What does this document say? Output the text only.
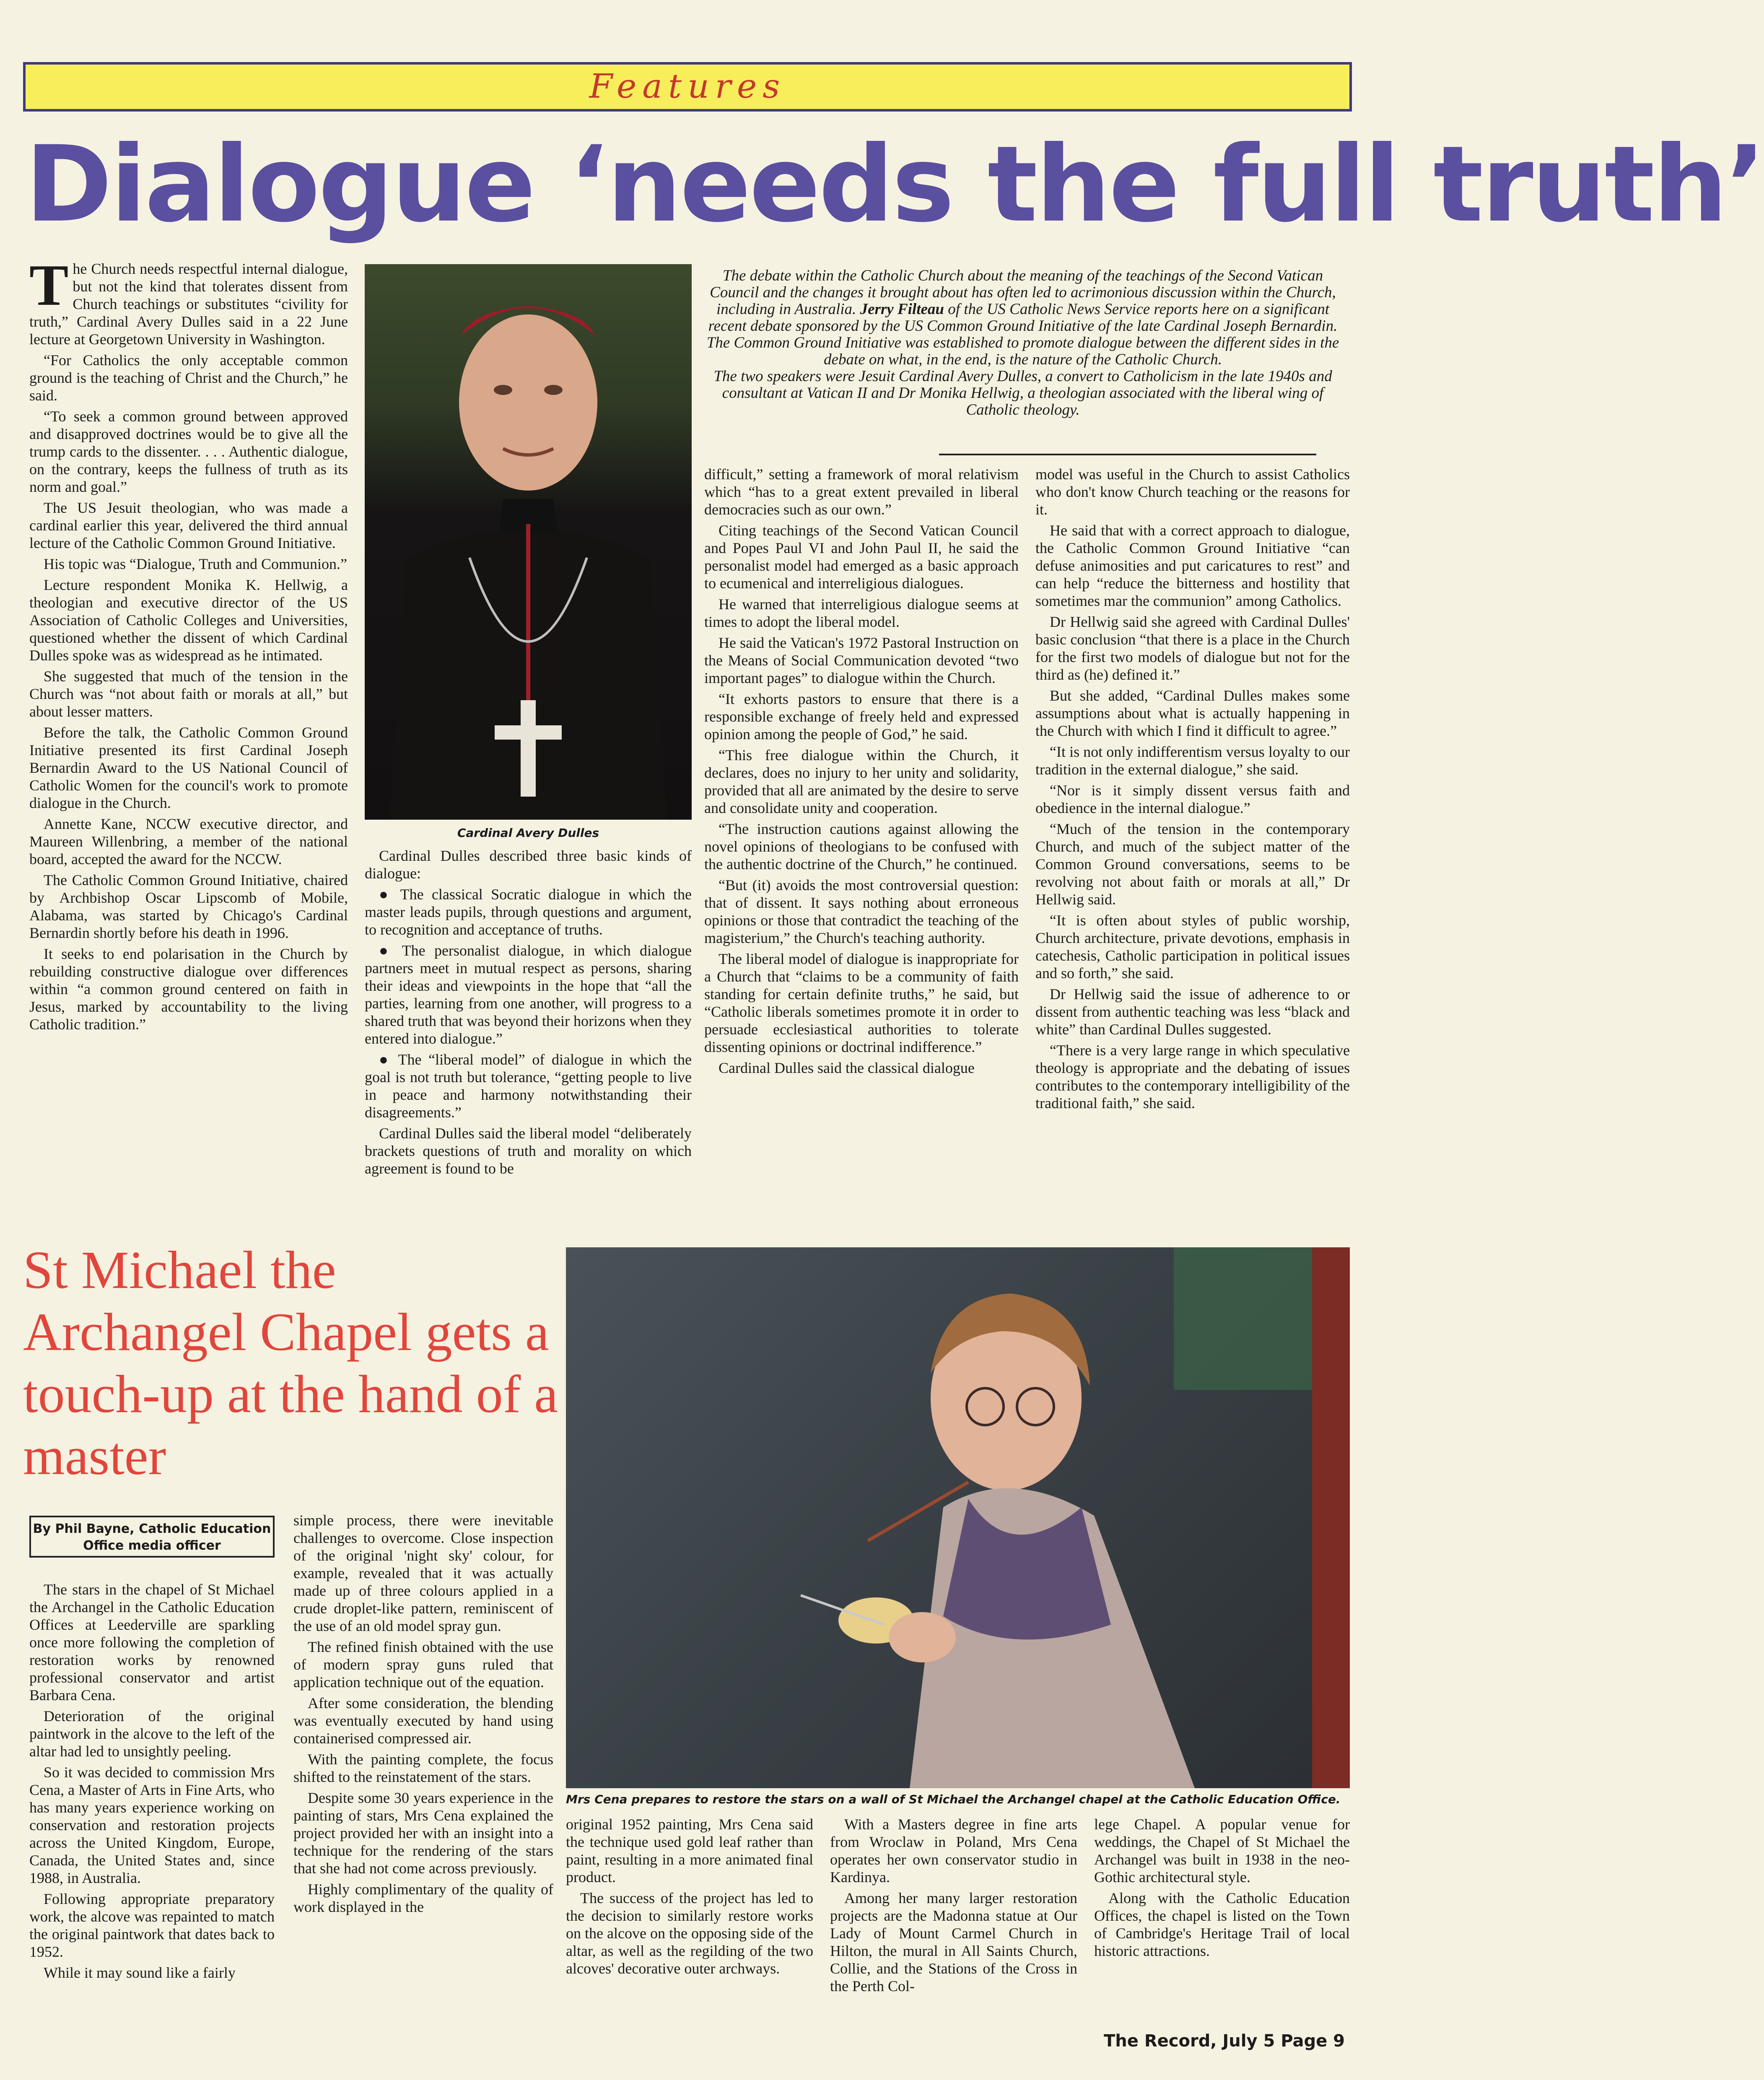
Features
Dialogue ‘needs the full truth’

The Church needs respectful internal dialogue, but not the kind that tolerates dissent from Church teachings or substitutes “civility for truth,” Cardinal Avery Dulles said in a 22 June lecture at Georgetown University in Washington.

“For Catholics the only acceptable common ground is the teaching of Christ and the Church,” he said.

“To seek a common ground between approved and disapproved doctrines would be to give all the trump cards to the dissenter. . . . Authentic dialogue, on the contrary, keeps the fullness of truth as its norm and goal.”

The US Jesuit theologian, who was made a cardinal earlier this year, delivered the third annual lecture of the Catholic Common Ground Initiative.

His topic was “Dialogue, Truth and Communion.”

Lecture respondent Monika K. Hellwig, a theologian and executive director of the US Association of Catholic Colleges and Universities, questioned whether the dissent of which Cardinal Dulles spoke was as widespread as he intimated.

She suggested that much of the tension in the Church was “not about faith or morals at all,” but about lesser matters.

Before the talk, the Catholic Common Ground Initiative presented its first Cardinal Joseph Bernardin Award to the US National Council of Catholic Women for the council's work to promote dialogue in the Church.

Annette Kane, NCCW executive director, and Maureen Willenbring, a member of the national board, accepted the award for the NCCW.

The Catholic Common Ground Initiative, chaired by Archbishop Oscar Lipscomb of Mobile, Alabama, was started by Chicago's Cardinal Bernardin shortly before his death in 1996.

It seeks to end polarisation in the Church by rebuilding constructive dialogue over differences within “a common ground centered on faith in Jesus, marked by accountability to the living Catholic tradition.”

Cardinal Avery Dulles

Cardinal Dulles described three basic kinds of dialogue:

● The classical Socratic dialogue in which the master leads pupils, through questions and argument, to recognition and acceptance of truths.

● The personalist dialogue, in which dialogue partners meet in mutual respect as persons, sharing their ideas and viewpoints in the hope that “all the parties, learning from one another, will progress to a shared truth that was beyond their horizons when they entered into dialogue.”

● The “liberal model” of dialogue in which the goal is not truth but tolerance, “getting people to live in peace and harmony notwithstanding their disagreements.”

Cardinal Dulles said the liberal model “deliberately brackets questions of truth and morality on which agreement is found to be

The debate within the Catholic Church about the meaning of the teachings of the Second Vatican Council and the changes it brought about has often led to acrimonious discussion within the Church, including in Australia. Jerry Filteau of the US Catholic News Service reports here on a significant recent debate sponsored by the US Common Ground Initiative of the late Cardinal Joseph Bernardin. The Common Ground Initiative was established to promote dialogue between the different sides in the debate on what, in the end, is the nature of the Catholic Church.

The two speakers were Jesuit Cardinal Avery Dulles, a convert to Catholicism in the late 1940s and consultant at Vatican II and Dr Monika Hellwig, a theologian associated with the liberal wing of Catholic theology.

difficult,” setting a framework of moral relativism which “has to a great extent prevailed in liberal democracies such as our own.”

Citing teachings of the Second Vatican Council and Popes Paul VI and John Paul II, he said the personalist model had emerged as a basic approach to ecumenical and interreligious dialogues.

He warned that interreligious dialogue seems at times to adopt the liberal model.

He said the Vatican's 1972 Pastoral Instruction on the Means of Social Communication devoted “two important pages” to dialogue within the Church.

“It exhorts pastors to ensure that there is a responsible exchange of freely held and expressed opinion among the people of God,” he said.

“This free dialogue within the Church, it declares, does no injury to her unity and solidarity, provided that all are animated by the desire to serve and consolidate unity and cooperation.

“The instruction cautions against allowing the novel opinions of theologians to be confused with the authentic doctrine of the Church,” he continued.

“But (it) avoids the most controversial question: that of dissent. It says nothing about erroneous opinions or those that contradict the teaching of the magisterium,” the Church's teaching authority.

The liberal model of dialogue is inappropriate for a Church that “claims to be a community of faith standing for certain definite truths,” he said, but “Catholic liberals sometimes promote it in order to persuade ecclesiastical authorities to tolerate dissenting opinions or doctrinal indifference.”

Cardinal Dulles said the classical dialogue

model was useful in the Church to assist Catholics who don't know Church teaching or the reasons for it.

He said that with a correct approach to dialogue, the Catholic Common Ground Initiative “can defuse animosities and put caricatures to rest” and can help “reduce the bitterness and hostility that sometimes mar the communion” among Catholics.

Dr Hellwig said she agreed with Cardinal Dulles' basic conclusion “that there is a place in the Church for the first two models of dialogue but not for the third as (he) defined it.”

But she added, “Cardinal Dulles makes some assumptions about what is actually happening in the Church with which I find it difficult to agree.”

“It is not only indifferentism versus loyalty to our tradition in the external dialogue,” she said.

“Nor is it simply dissent versus faith and obedience in the internal dialogue.”

“Much of the tension in the contemporary Church, and much of the subject matter of the Common Ground conversations, seems to be revolving not about faith or morals at all,” Dr Hellwig said.

“It is often about styles of public worship, Church architecture, private devotions, emphasis in catechesis, Catholic participation in political issues and so forth,” she said.

Dr Hellwig said the issue of adherence to or dissent from authentic teaching was less “black and white” than Cardinal Dulles suggested.

“There is a very large range in which speculative theology is appropriate and the debating of issues contributes to the contemporary intelligibility of the traditional faith,” she said.

St Michael the Archangel Chapel gets a touch-up at the hand of a master
Mrs Cena prepares to restore the stars on a wall of St Michael the Archangel chapel at the Catholic Education Office.
By Phil Bayne, Catholic Education Office media officer

The stars in the chapel of St Michael the Archangel in the Catholic Education Offices at Leederville are sparkling once more following the completion of restoration works by renowned professional conservator and artist Barbara Cena.

Deterioration of the original paintwork in the alcove to the left of the altar had led to unsightly peeling.

So it was decided to commission Mrs Cena, a Master of Arts in Fine Arts, who has many years experience working on conservation and restoration projects across the United Kingdom, Europe, Canada, the United States and, since 1988, in Australia.

Following appropriate preparatory work, the alcove was repainted to match the original paintwork that dates back to 1952.

While it may sound like a fairly

simple process, there were inevitable challenges to overcome. Close inspection of the original 'night sky' colour, for example, revealed that it was actually made up of three colours applied in a crude droplet-like pattern, reminiscent of the use of an old model spray gun.

The refined finish obtained with the use of modern spray guns ruled that application technique out of the equation.

After some consideration, the blending was eventually executed by hand using containerised compressed air.

With the painting complete, the focus shifted to the reinstatement of the stars.

Despite some 30 years experience in the painting of stars, Mrs Cena explained the project provided her with an insight into a technique for the rendering of the stars that she had not come across previously.

Highly complimentary of the quality of work displayed in the

original 1952 painting, Mrs Cena said the technique used gold leaf rather than paint, resulting in a more animated final product.

The success of the project has led to the decision to similarly restore works on the alcove on the opposing side of the altar, as well as the regilding of the two alcoves' decorative outer archways.

With a Masters degree in fine arts from Wroclaw in Poland, Mrs Cena operates her own conservator studio in Kardinya.

Among her many larger restoration projects are the Madonna statue at Our Lady of Mount Carmel Church in Hilton, the mural in All Saints Church, Collie, and the Stations of the Cross in the Perth Col-

lege Chapel. A popular venue for weddings, the Chapel of St Michael the Archangel was built in 1938 in the neo-Gothic architectural style.

Along with the Catholic Education Offices, the chapel is listed on the Town of Cambridge's Heritage Trail of local historic attractions.

The Record, July 5 Page 9
